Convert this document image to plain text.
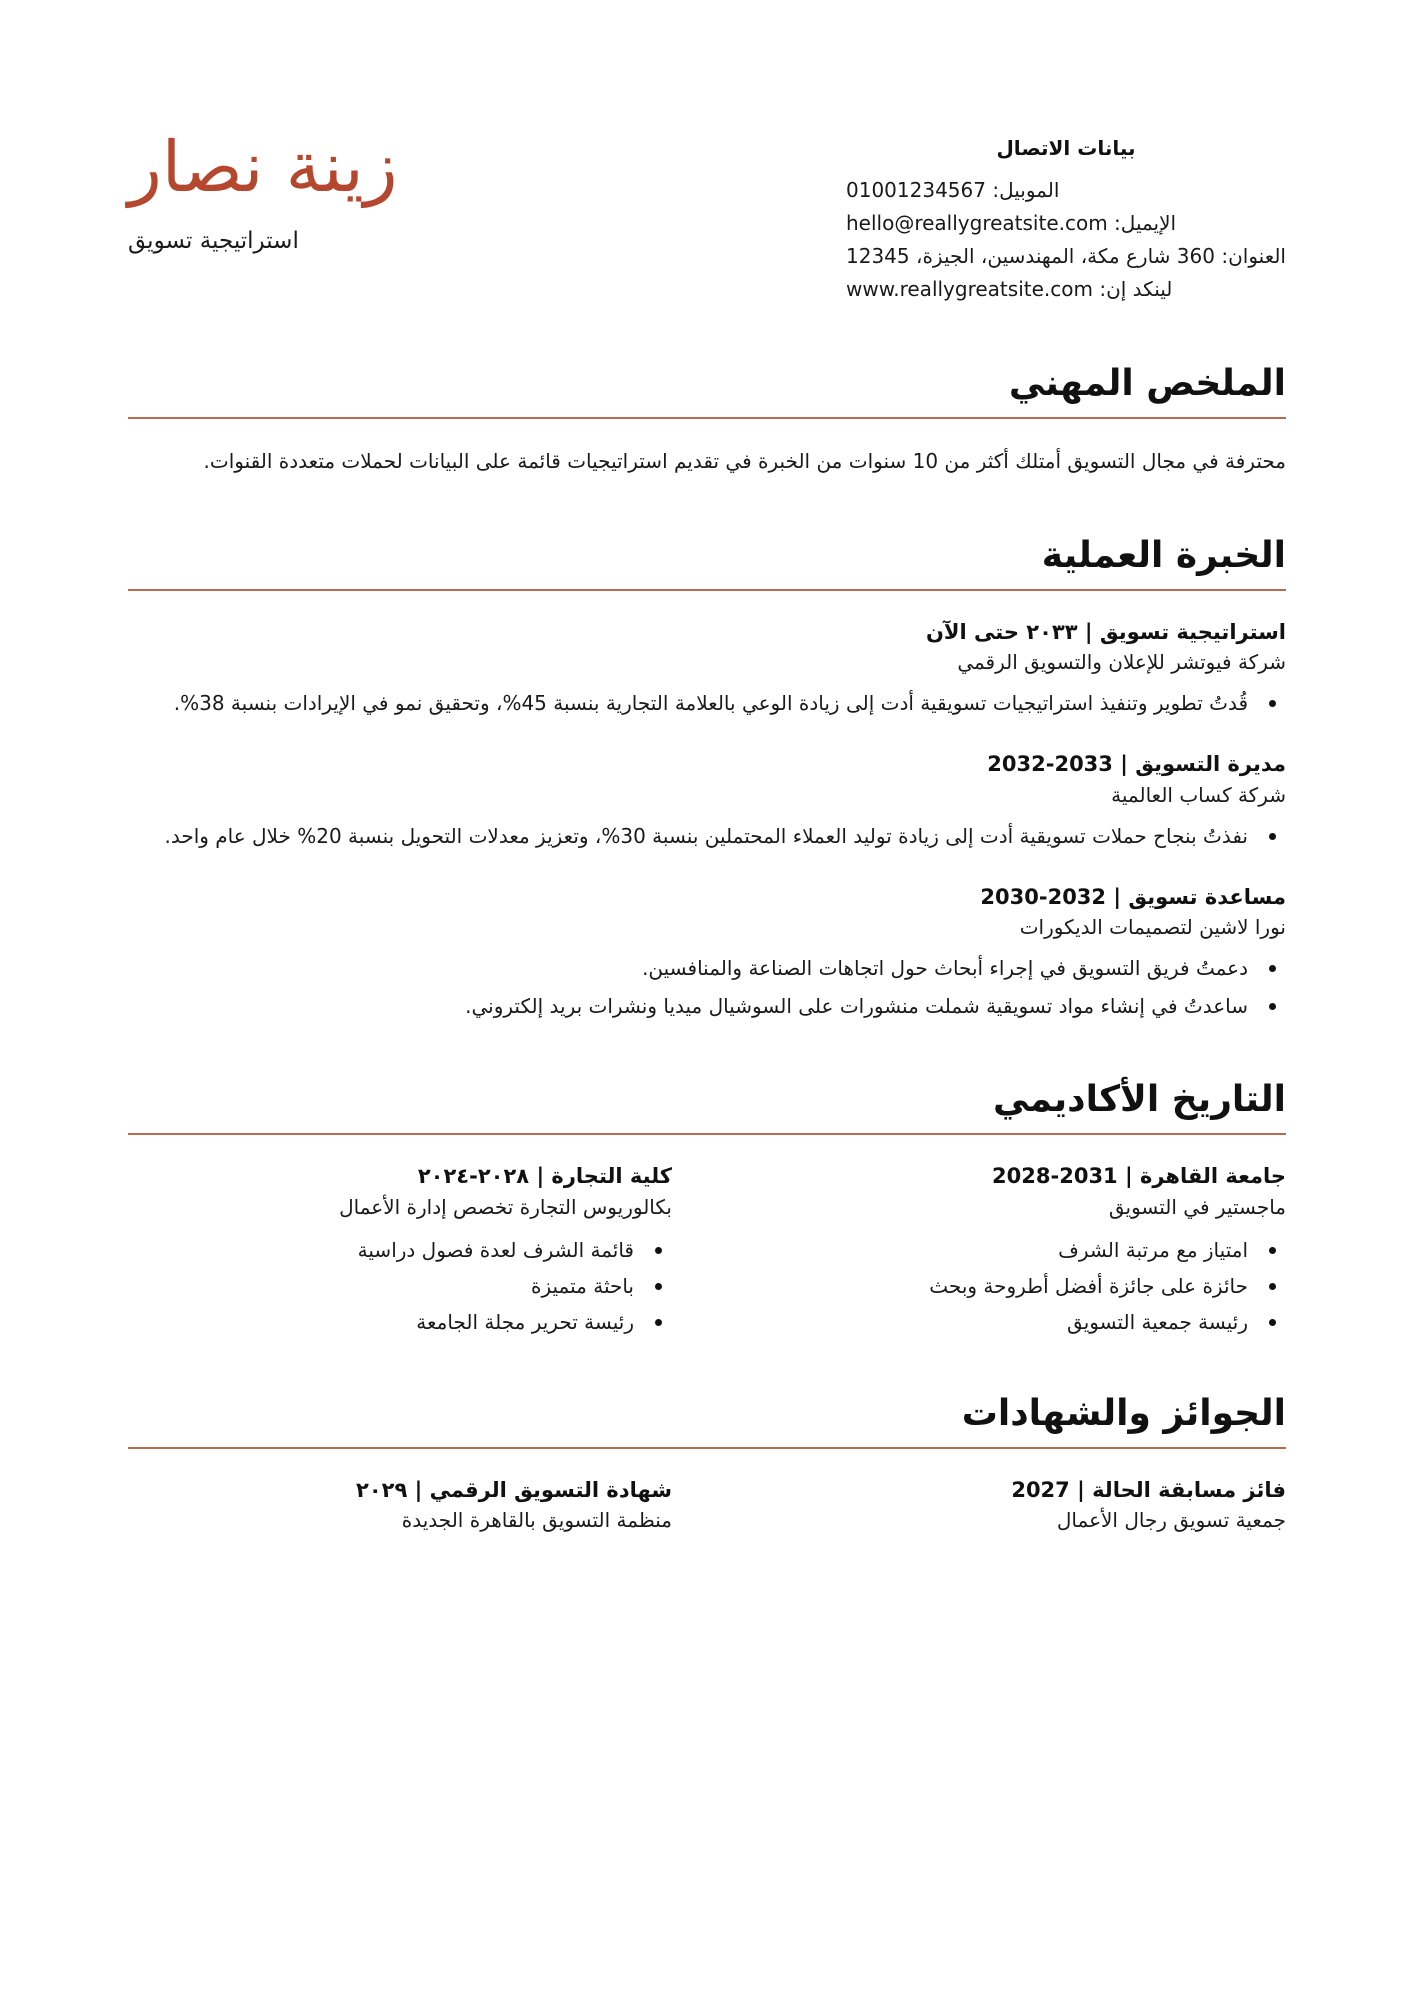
بيانات الاتصال
الموبيل: 01001234567
الإيميل: hello@reallygreatsite.com
العنوان: 360 شارع مكة، المهندسين، الجيزة، 12345
لينكد إن: www.reallygreatsite.com
زينة نصار
استراتيجية تسويق
الملخص المهني
محترفة في مجال التسويق أمتلك أكثر من 10 سنوات من الخبرة في تقديم استراتيجيات قائمة على البيانات لحملات متعددة القنوات.
الخبرة العملية
استراتيجية تسويق | ٢٠٣٣ حتى الآن
شركة فيوتشر للإعلان والتسويق الرقمي
قُدتُ تطوير وتنفيذ استراتيجيات تسويقية أدت إلى زيادة الوعي بالعلامة التجارية بنسبة 45%، وتحقيق نمو في الإيرادات بنسبة 38%.
مديرة التسويق | 2033-2032
شركة كساب العالمية
نفذتُ بنجاح حملات تسويقية أدت إلى زيادة توليد العملاء المحتملين بنسبة 30%، وتعزيز معدلات التحويل بنسبة 20% خلال عام واحد.
مساعدة تسويق | 2032-2030
نورا لاشين لتصميمات الديكورات
دعمتُ فريق التسويق في إجراء أبحاث حول اتجاهات الصناعة والمنافسين.
ساعدتُ في إنشاء مواد تسويقية شملت منشورات على السوشيال ميديا ونشرات بريد إلكتروني.
التاريخ الأكاديمي
جامعة القاهرة | 2031-2028
ماجستير في التسويق
امتياز مع مرتبة الشرف
حائزة على جائزة أفضل أطروحة وبحث
رئيسة جمعية التسويق
كلية التجارة | ٢٠٢٨-٢٠٢٤
بكالوريوس التجارة تخصص إدارة الأعمال
قائمة الشرف لعدة فصول دراسية
باحثة متميزة
رئيسة تحرير مجلة الجامعة
الجوائز والشهادات
فائز مسابقة الحالة | 2027
جمعية تسويق رجال الأعمال
شهادة التسويق الرقمي | ٢٠٢٩
منظمة التسويق بالقاهرة الجديدة
